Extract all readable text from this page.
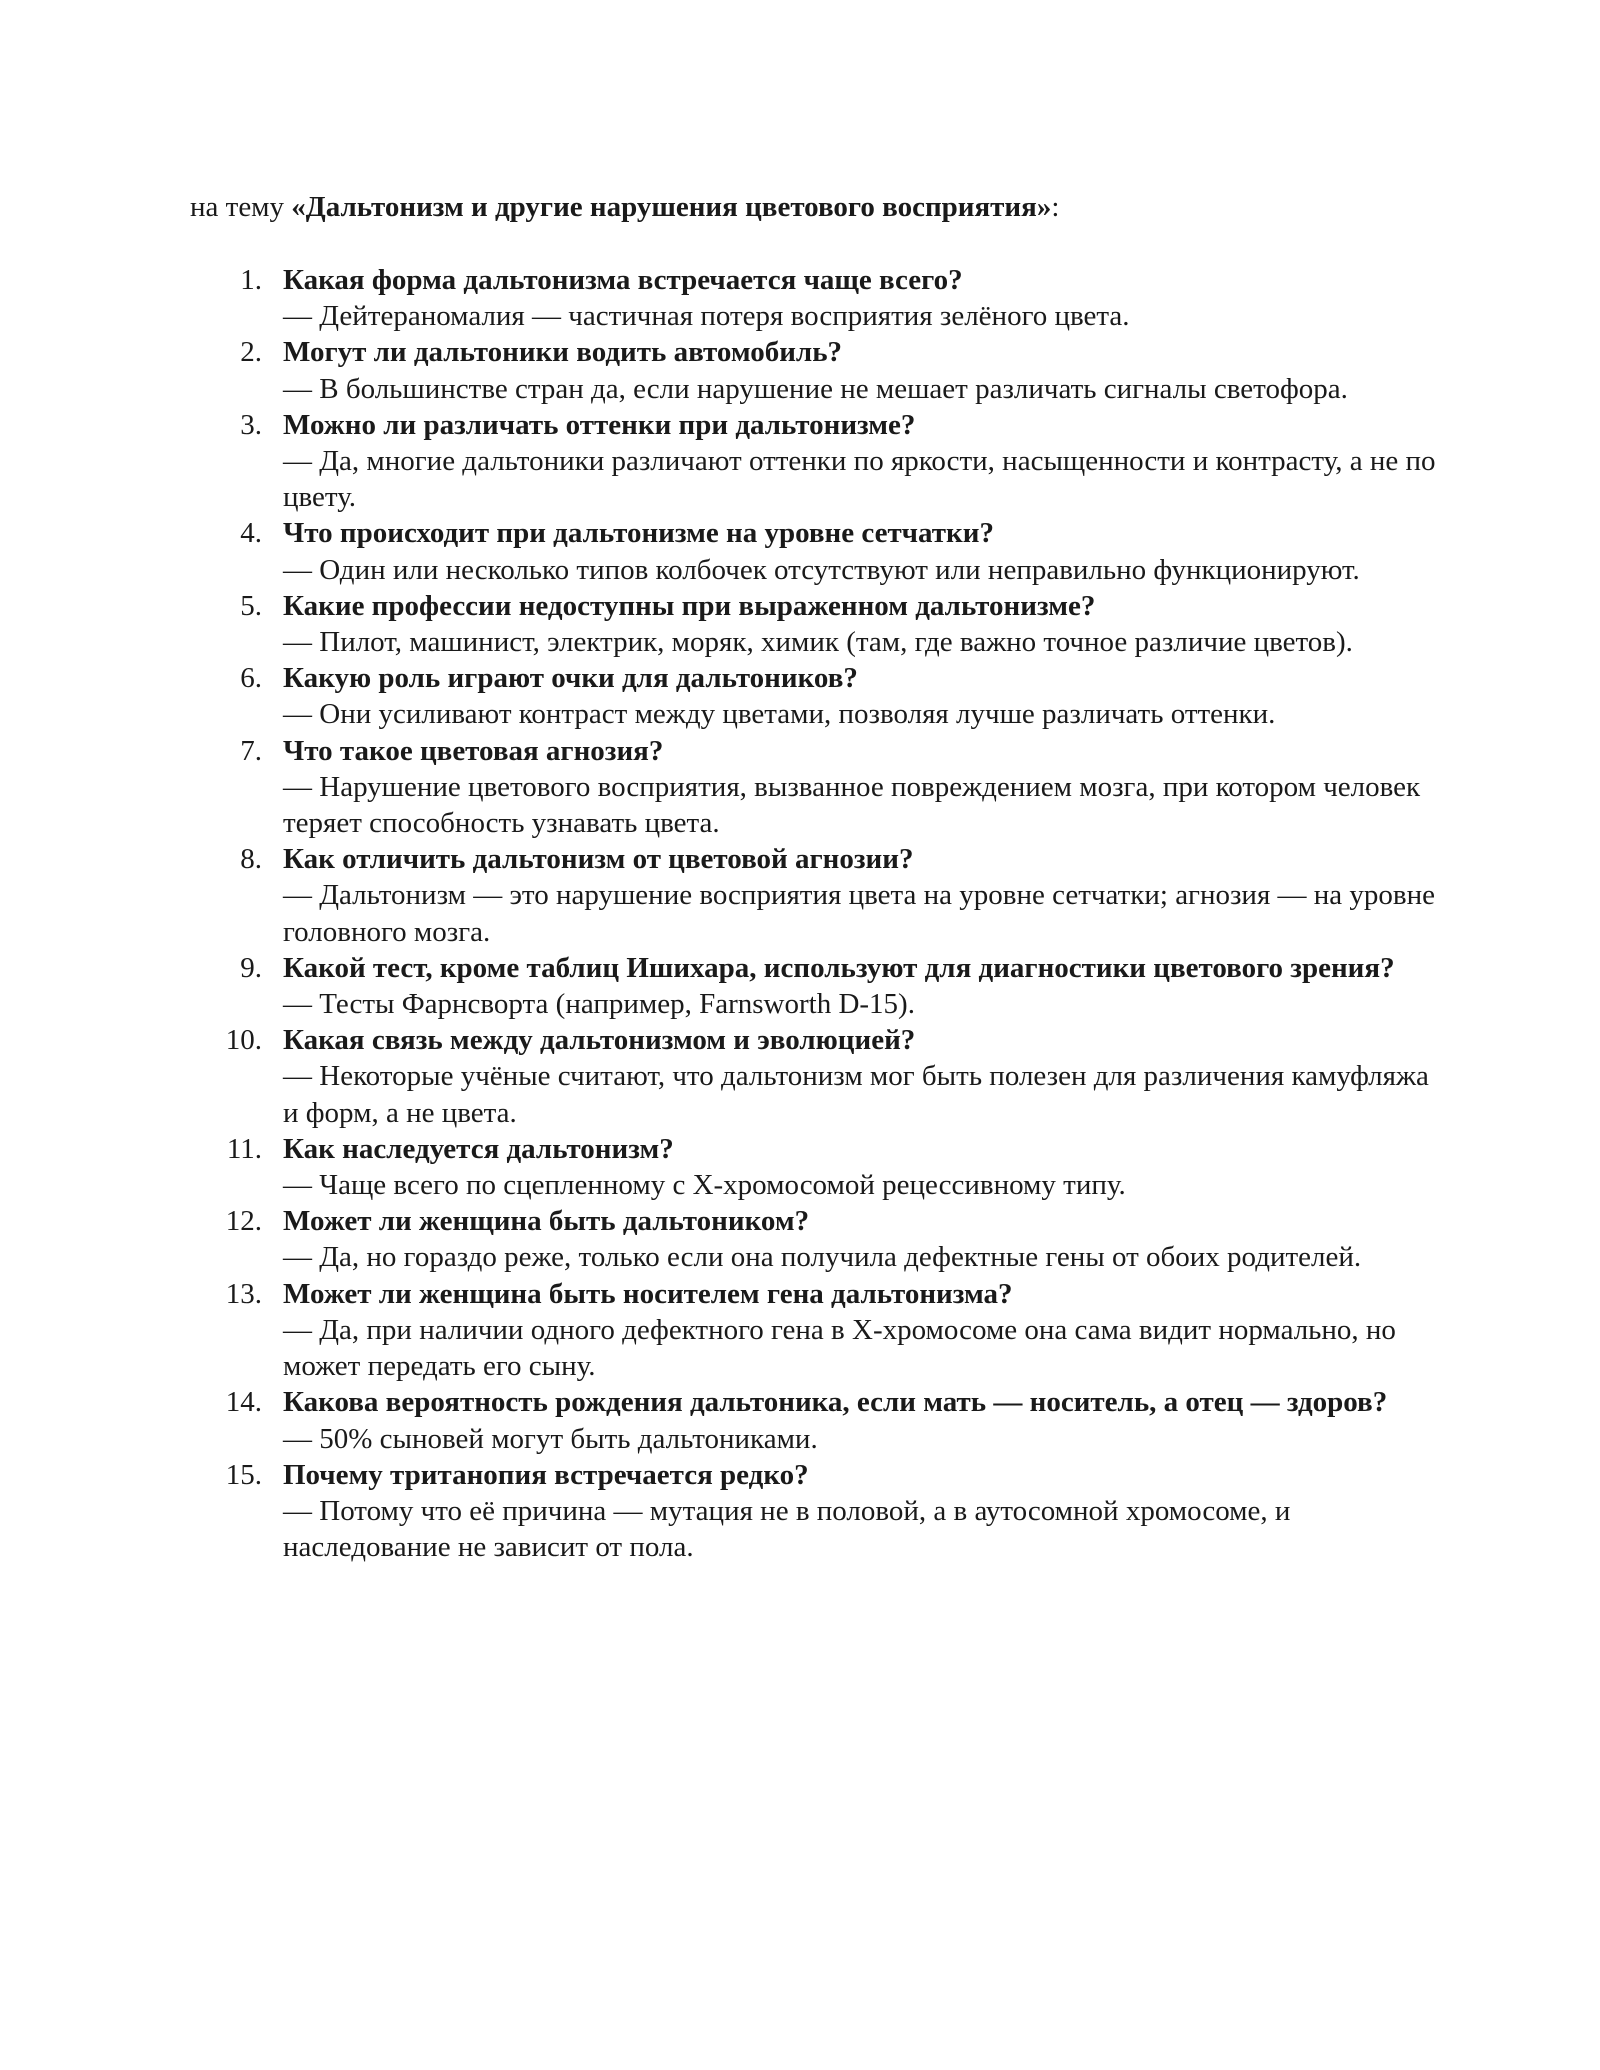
на тему «Дальтонизм и другие нарушения цветового восприятия»:

1. Какая форма дальтонизма встречается чаще всего?
— Дейтераномалия — частичная потеря восприятия зелёного цвета.
2. Могут ли дальтоники водить автомобиль?
— В большинстве стран да, если нарушение не мешает различать сигналы светофора.
3. Можно ли различать оттенки при дальтонизме?
— Да, многие дальтоники различают оттенки по яркости, насыщенности и контрасту, а не по цвету.
4. Что происходит при дальтонизме на уровне сетчатки?
— Один или несколько типов колбочек отсутствуют или неправильно функционируют.
5. Какие профессии недоступны при выраженном дальтонизме?
— Пилот, машинист, электрик, моряк, химик (там, где важно точное различие цветов).
6. Какую роль играют очки для дальтоников?
— Они усиливают контраст между цветами, позволяя лучше различать оттенки.
7. Что такое цветовая агнозия?
— Нарушение цветового восприятия, вызванное повреждением мозга, при котором человек теряет способность узнавать цвета.
8. Как отличить дальтонизм от цветовой агнозии?
— Дальтонизм — это нарушение восприятия цвета на уровне сетчатки; агнозия — на уровне головного мозга.
9. Какой тест, кроме таблиц Ишихара, используют для диагностики цветового зрения?
— Тесты Фарнсворта (например, Farnsworth D-15).
10. Какая связь между дальтонизмом и эволюцией?
— Некоторые учёные считают, что дальтонизм мог быть полезен для различения камуфляжа и форм, а не цвета.
11. Как наследуется дальтонизм?
— Чаще всего по сцепленному с X-хромосомой рецессивному типу.
12. Может ли женщина быть дальтоником?
— Да, но гораздо реже, только если она получила дефектные гены от обоих родителей.
13. Может ли женщина быть носителем гена дальтонизма?
— Да, при наличии одного дефектного гена в X-хромосоме она сама видит нормально, но может передать его сыну.
14. Какова вероятность рождения дальтоника, если мать — носитель, а отец — здоров?
— 50% сыновей могут быть дальтониками.
15. Почему тританопия встречается редко?
— Потому что её причина — мутация не в половой, а в аутосомной хромосоме, и наследование не зависит от пола.
